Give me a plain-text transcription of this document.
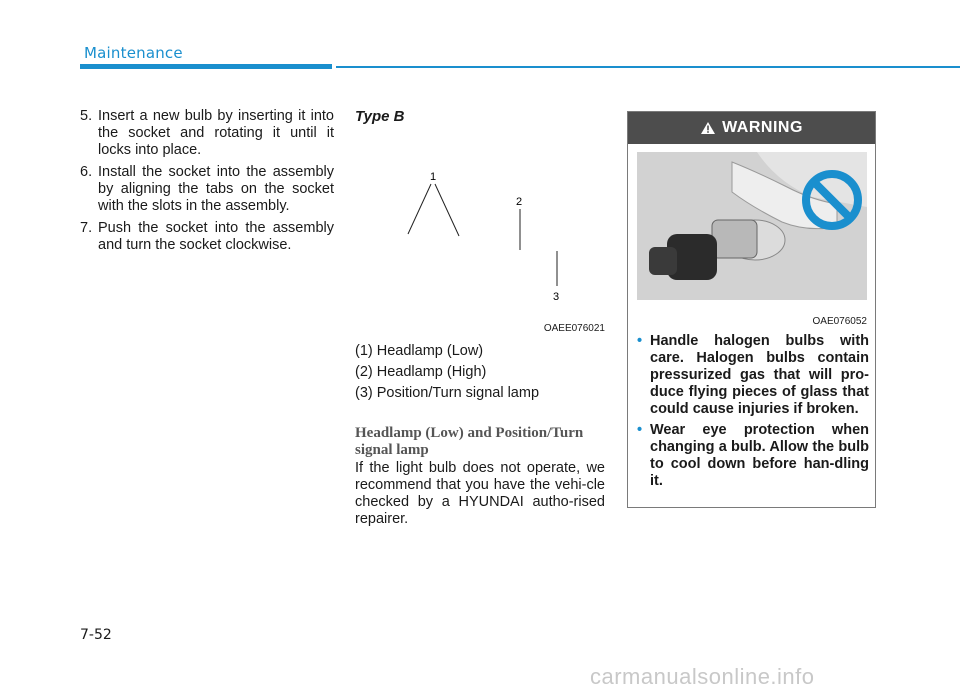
Maintenance
5. Insert a new bulb by inserting it into the socket and rotating it until it locks into place.
6. Install the socket into the assembly by aligning the tabs on the socket with the slots in the assembly.
7. Push the socket into the assembly and turn the socket clockwise.
Type B
1
2
3
OAEE076021
(1) Headlamp (Low)
(2) Headlamp (High)
(3) Position/Turn signal lamp
Headlamp (Low) and Position/Turn signal lamp
If the light bulb does not operate, we recommend that you have the vehi-cle checked by a HYUNDAI autho-rised repairer.
WARNING
OAE076052
• Handle halogen bulbs with care. Halogen bulbs contain pressurized gas that will pro-duce flying pieces of glass that could cause injuries if broken.
• Wear eye protection when changing a bulb. Allow the bulb to cool down before han-dling it.
7-52
carmanualsonline.info
